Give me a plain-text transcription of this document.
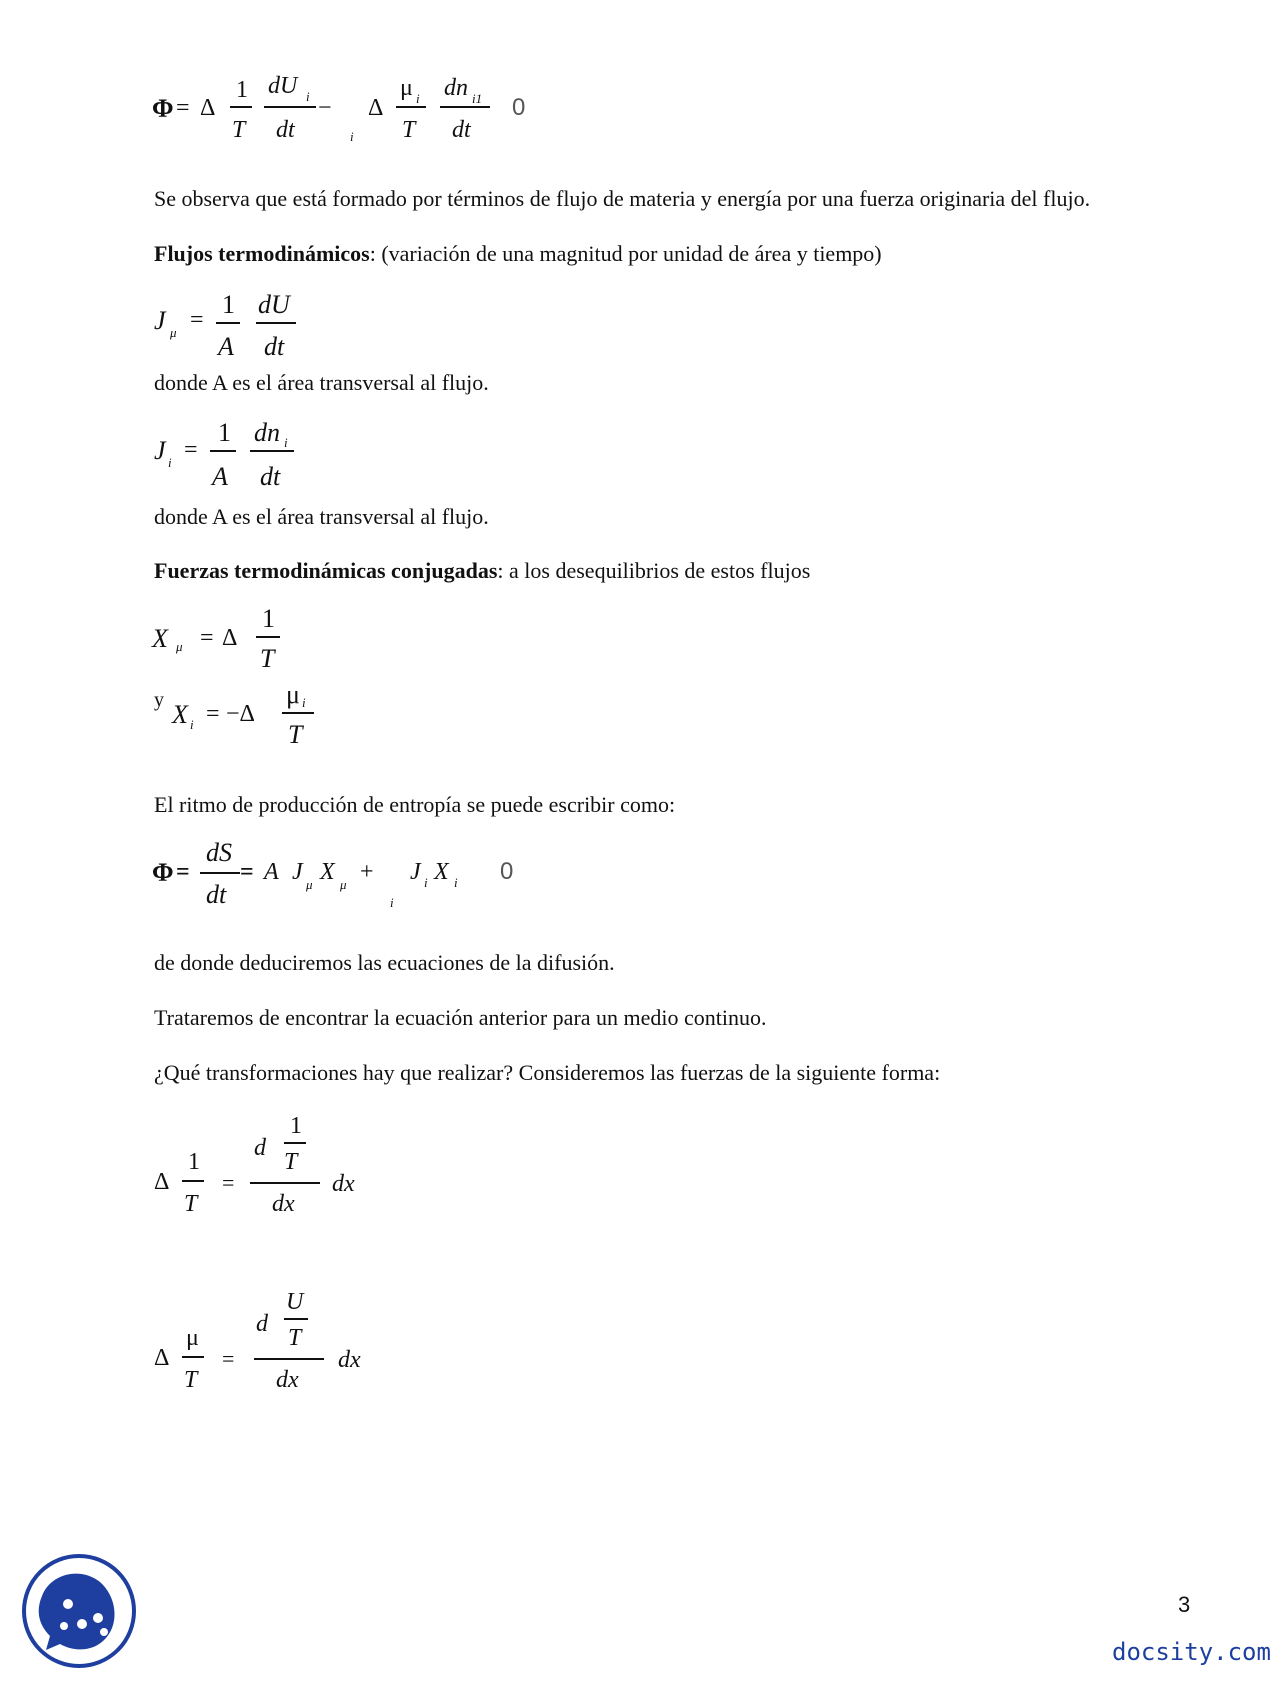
Φ = Δ
1
T
dU i
dt
−
i
Δ
μ i
T
dn i1
dt
0
Se observa que está formado por términos de flujo de materia y energía por una fuerza originaria del flujo.
Flujos termodinámicos: (variación de una magnitud por unidad de área y tiempo)
J μ =
1
A
dU
dt
donde A es el área transversal al flujo.
J i =
1
A
dn i
dt
donde A es el área transversal al flujo.
Fuerzas termodinámicas conjugadas: a los desequilibrios de estos flujos
X μ = Δ
1
T
y X i = −Δ
μ i
T
El ritmo de producción de entropía se puede escribir como:
Φ =
dS
dt
= A J μ X μ +
i
J i X i 0
de donde deduciremos las ecuaciones de la difusión.
Trataremos de encontrar la ecuación anterior para un medio continuo.
¿Qué transformaciones hay que realizar? Consideremos las fuerzas de la siguiente forma:
Δ
1
T
=
d
1
T
dx
dx
Δ
μ
T
=
d
U
T
dx
dx
3
docsity.com
